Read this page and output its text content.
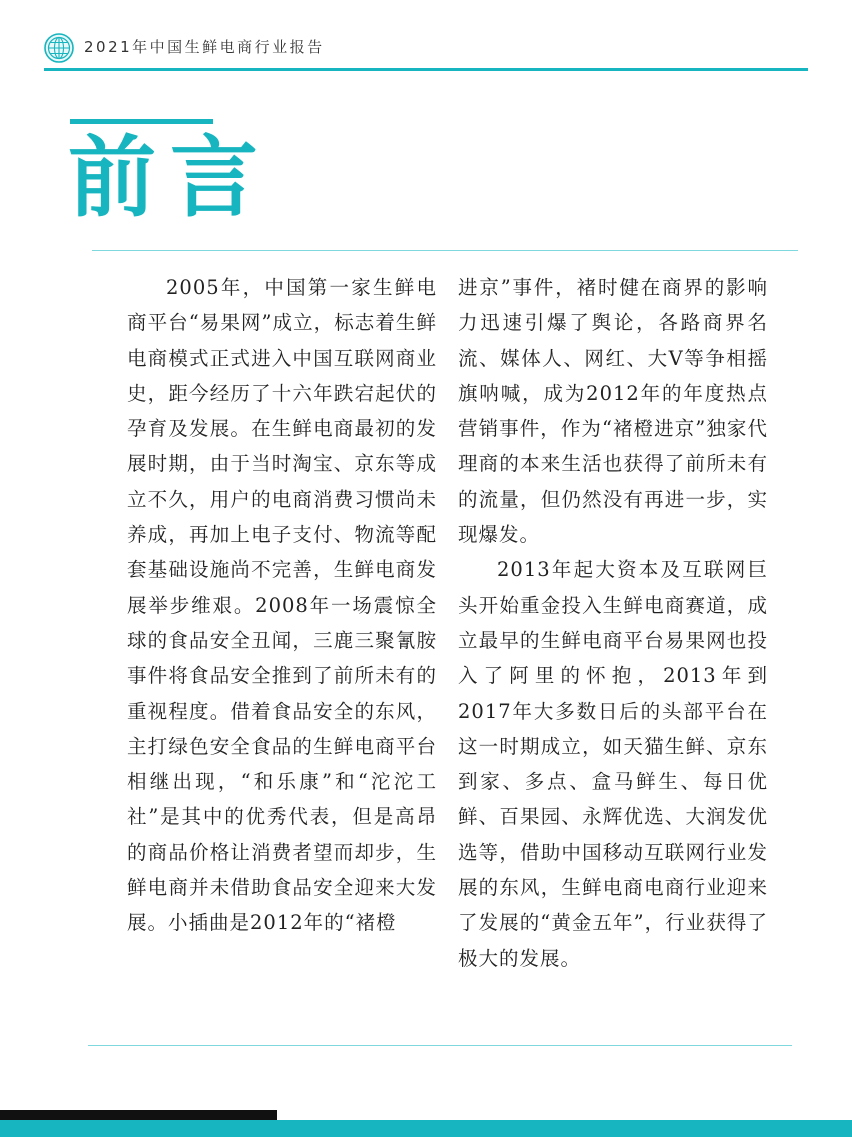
2021年中国生鲜电商行业报告
前言

2005年，中国第一家生鲜电商平台“易果网”成立，标志着生鲜电商模式正式进入中国互联网商业史，距今经历了十六年跌宕起伏的孕育及发展。在生鲜电商最初的发展时期，由于当时淘宝、京东等成立不久，用户的电商消费习惯尚未养成，再加上电子支付、物流等配套基础设施尚不完善，生鲜电商发展举步维艰。2008年一场震惊全球的食品安全丑闻，三鹿三聚氰胺事件将食品安全推到了前所未有的重视程度。借着食品安全的东风，主打绿色安全食品的生鲜电商平台相继出现，“和乐康”和“沱沱工社”是其中的优秀代表，但是高昂的商品价格让消费者望而却步，生鲜电商并未借助食品安全迎来大发展。小插曲是2012年的“褚橙

进京”事件，褚时健在商界的影响力迅速引爆了舆论，各路商界名流、媒体人、网红、大V等争相摇旗呐喊，成为2012年的年度热点营销事件，作为“褚橙进京”独家代理商的本来生活也获得了前所未有的流量，但仍然没有再进一步，实现爆发。

2013年起大资本及互联网巨头开始重金投入生鲜电商赛道，成立最早的生鲜电商平台易果网也投入了阿里的怀抱，2013年到2017年大多数日后的头部平台在这一时期成立，如天猫生鲜、京东到家、多点、盒马鲜生、每日优鲜、百果园、永辉优选、大润发优选等，借助中国移动互联网行业发展的东风，生鲜电商电商行业迎来了发展的“黄金五年”，行业获得了极大的发展。
